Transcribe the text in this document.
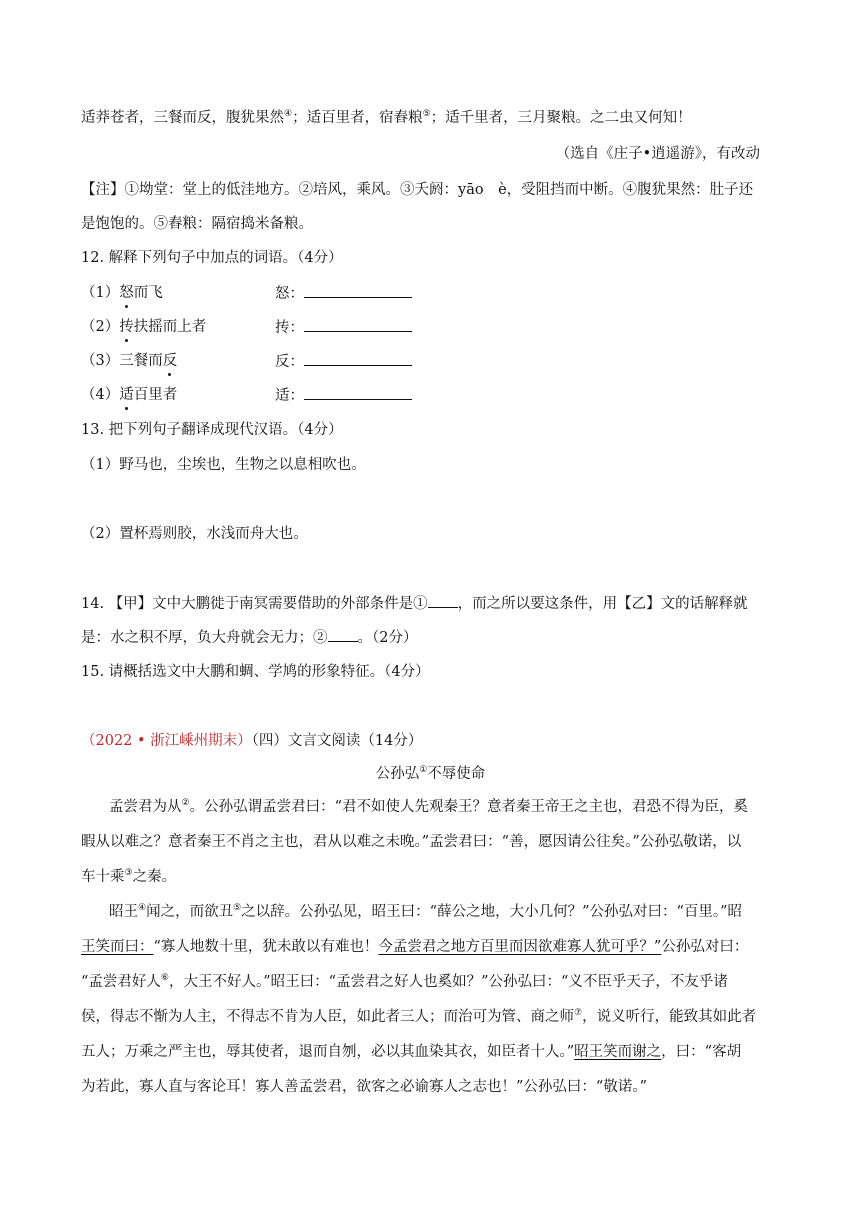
适莽苍者，三餐而反，腹犹果然④；适百里者，宿舂粮⑤；适千里者，三月聚粮。之二虫又何知！
（选自《庄子•逍遥游》，有改动
【注】①坳堂：堂上的低洼地方。②培风，乘风。③夭阏：yāo　è，受阻挡而中断。④腹犹果然：肚子还
是饱饱的。⑤舂粮：隔宿捣米备粮。
12. 解释下列句子中加点的词语。（4分）
（1）怒而飞	怒：
（2）抟扶摇而上者	抟：
（3）三餐而反	反：
（4）适百里者	适：
13. 把下列句子翻译成现代汉语。（4分）
（1）野马也，尘埃也，生物之以息相吹也。
（2）置杯焉则胶，水浅而舟大也。
14. 【甲】文中大鹏徙于南冥需要借助的外部条件是① ，而之所以要这条件，用【乙】文的话解释就
是：水之积不厚，负大舟就会无力；② 。（2分）
15. 请概括选文中大鹏和蜩、学鸠的形象特征。（4分）
（2022 • 浙江嵊州期末）（四）文言文阅读（14分）
公孙弘①不辱使命
孟尝君为从②。公孙弘谓孟尝君曰：“君不如使人先观秦王？意者秦王帝王之主也，君恐不得为臣，奚
暇从以难之？意者秦王不肖之主也，君从以难之未晚。”孟尝君曰：“善，愿因请公往矣。”公孙弘敬诺，以
车十乘③之秦。
昭王④闻之，而欲丑⑤之以辞。公孙弘见，昭王曰：“薛公之地，大小几何？”公孙弘对曰：“百里。”昭
王笑而曰：“寡人地数十里，犹未敢以有难也！今孟尝君之地方百里而因欲难寡人犹可乎？”公孙弘对曰：
“孟尝君好人⑥，大王不好人。”昭王曰：“孟尝君之好人也奚如？”公孙弘曰：“义不臣乎天子，不友乎诸
侯，得志不惭为人主，不得志不肯为人臣，如此者三人；而治可为管、商之师⑦，说义听行，能致其如此者
五人；万乘之严主也，辱其使者，退而自刎，必以其血染其衣，如臣者十人。”昭王笑而谢之，曰：“客胡
为若此，寡人直与客论耳！寡人善孟尝君，欲客之必谕寡人之志也！”公孙弘曰：“敬诺。”
